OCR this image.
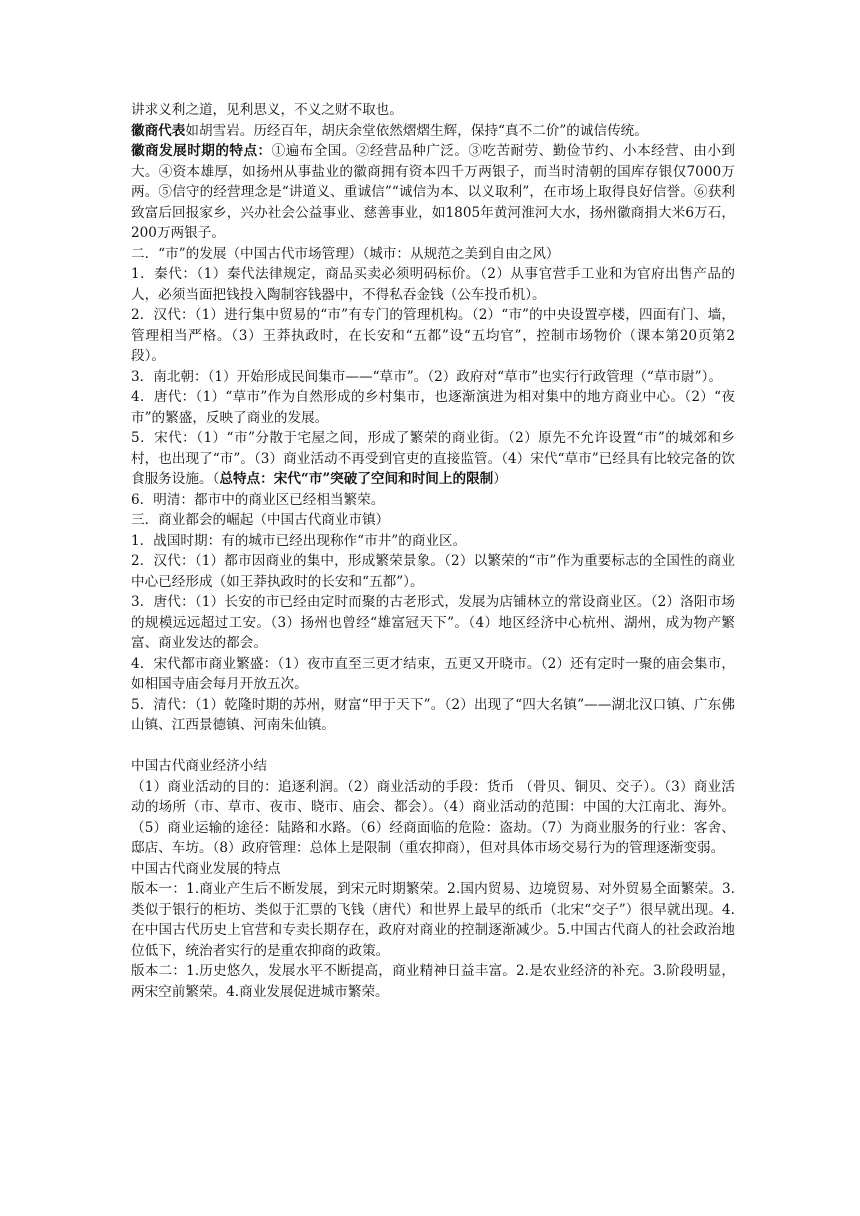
讲求义利之道，见利思义，不义之财不取也。

徽商代表如胡雪岩。历经百年，胡庆余堂依然熠熠生辉，保持“真不二价”的诚信传统。

徽商发展时期的特点：①遍布全国。②经营品种广泛。③吃苦耐劳、勤俭节约、小本经营、由小到大。④资本雄厚，如扬州从事盐业的徽商拥有资本四千万两银子，而当时清朝的国库存银仅7000万两。⑤信守的经营理念是“讲道义、重诚信”“诚信为本、以义取利”，在市场上取得良好信誉。⑥获利致富后回报家乡，兴办社会公益事业、慈善事业，如1805年黄河淮河大水，扬州徽商捐大米6万石，200万两银子。

二．“市”的发展（中国古代市场管理）（城市：从规范之美到自由之风）

1．秦代：（1）秦代法律规定，商品买卖必须明码标价。（2）从事官营手工业和为官府出售产品的人，必须当面把钱投入陶制容钱器中，不得私吞金钱（公车投币机）。

2．汉代：（1）进行集中贸易的“市”有专门的管理机构。（2）“市”的中央设置亭楼，四面有门、墙，管理相当严格。（3）王莽执政时，在长安和“五都”设“五均官”，控制市场物价（课本第20页第2段）。

3．南北朝：（1）开始形成民间集市——“草市”。（2）政府对“草市”也实行行政管理（“草市尉”）。

4．唐代：（1）“草市”作为自然形成的乡村集市，也逐渐演进为相对集中的地方商业中心。（2）“夜市”的繁盛，反映了商业的发展。

5．宋代：（1）“市”分散于宅屋之间，形成了繁荣的商业街。（2）原先不允许设置“市”的城郊和乡村，也出现了“市”。（3）商业活动不再受到官吏的直接监管。（4）宋代“草市”已经具有比较完备的饮食服务设施。（总特点：宋代“市”突破了空间和时间上的限制）

6．明清：都市中的商业区已经相当繁荣。

三．商业都会的崛起（中国古代商业市镇）

1．战国时期：有的城市已经出现称作“市井”的商业区。

2．汉代：（1）都市因商业的集中，形成繁荣景象。（2）以繁荣的“市”作为重要标志的全国性的商业中心已经形成（如王莽执政时的长安和“五都”）。

3．唐代：（1）长安的市已经由定时而聚的古老形式，发展为店铺林立的常设商业区。（2）洛阳市场的规模远远超过工安。（3）扬州也曾经“雄富冠天下”。（4）地区经济中心杭州、湖州，成为物产繁富、商业发达的都会。

4．宋代都市商业繁盛：（1）夜市直至三更才结束，五更又开晓市。（2）还有定时一聚的庙会集市，如相国寺庙会每月开放五次。

5．清代：（1）乾隆时期的苏州，财富“甲于天下”。（2）出现了“四大名镇”——湖北汉口镇、广东佛山镇、江西景德镇、河南朱仙镇。

中国古代商业经济小结

（1）商业活动的目的：追逐利润。（2）商业活动的手段：货币 （骨贝、铜贝、交子）。（3）商业活动的场所（市、草市、夜市、晓市、庙会、都会）。（4）商业活动的范围：中国的大江南北、海外。（5）商业运输的途径：陆路和水路。（6）经商面临的危险：盗劫。（7）为商业服务的行业：客舍、邸店、车坊。（8）政府管理：总体上是限制（重农抑商），但对具体市场交易行为的管理逐渐变弱。

中国古代商业发展的特点

版本一：1.商业产生后不断发展，到宋元时期繁荣。2.国内贸易、边境贸易、对外贸易全面繁荣。3.类似于银行的柜坊、类似于汇票的飞钱（唐代）和世界上最早的纸币（北宋“交子”）很早就出现。4.在中国古代历史上官营和专卖长期存在，政府对商业的控制逐渐减少。5.中国古代商人的社会政治地位低下，统治者实行的是重农抑商的政策。

版本二：1.历史悠久，发展水平不断提高，商业精神日益丰富。2.是农业经济的补充。3.阶段明显，两宋空前繁荣。4.商业发展促进城市繁荣。
